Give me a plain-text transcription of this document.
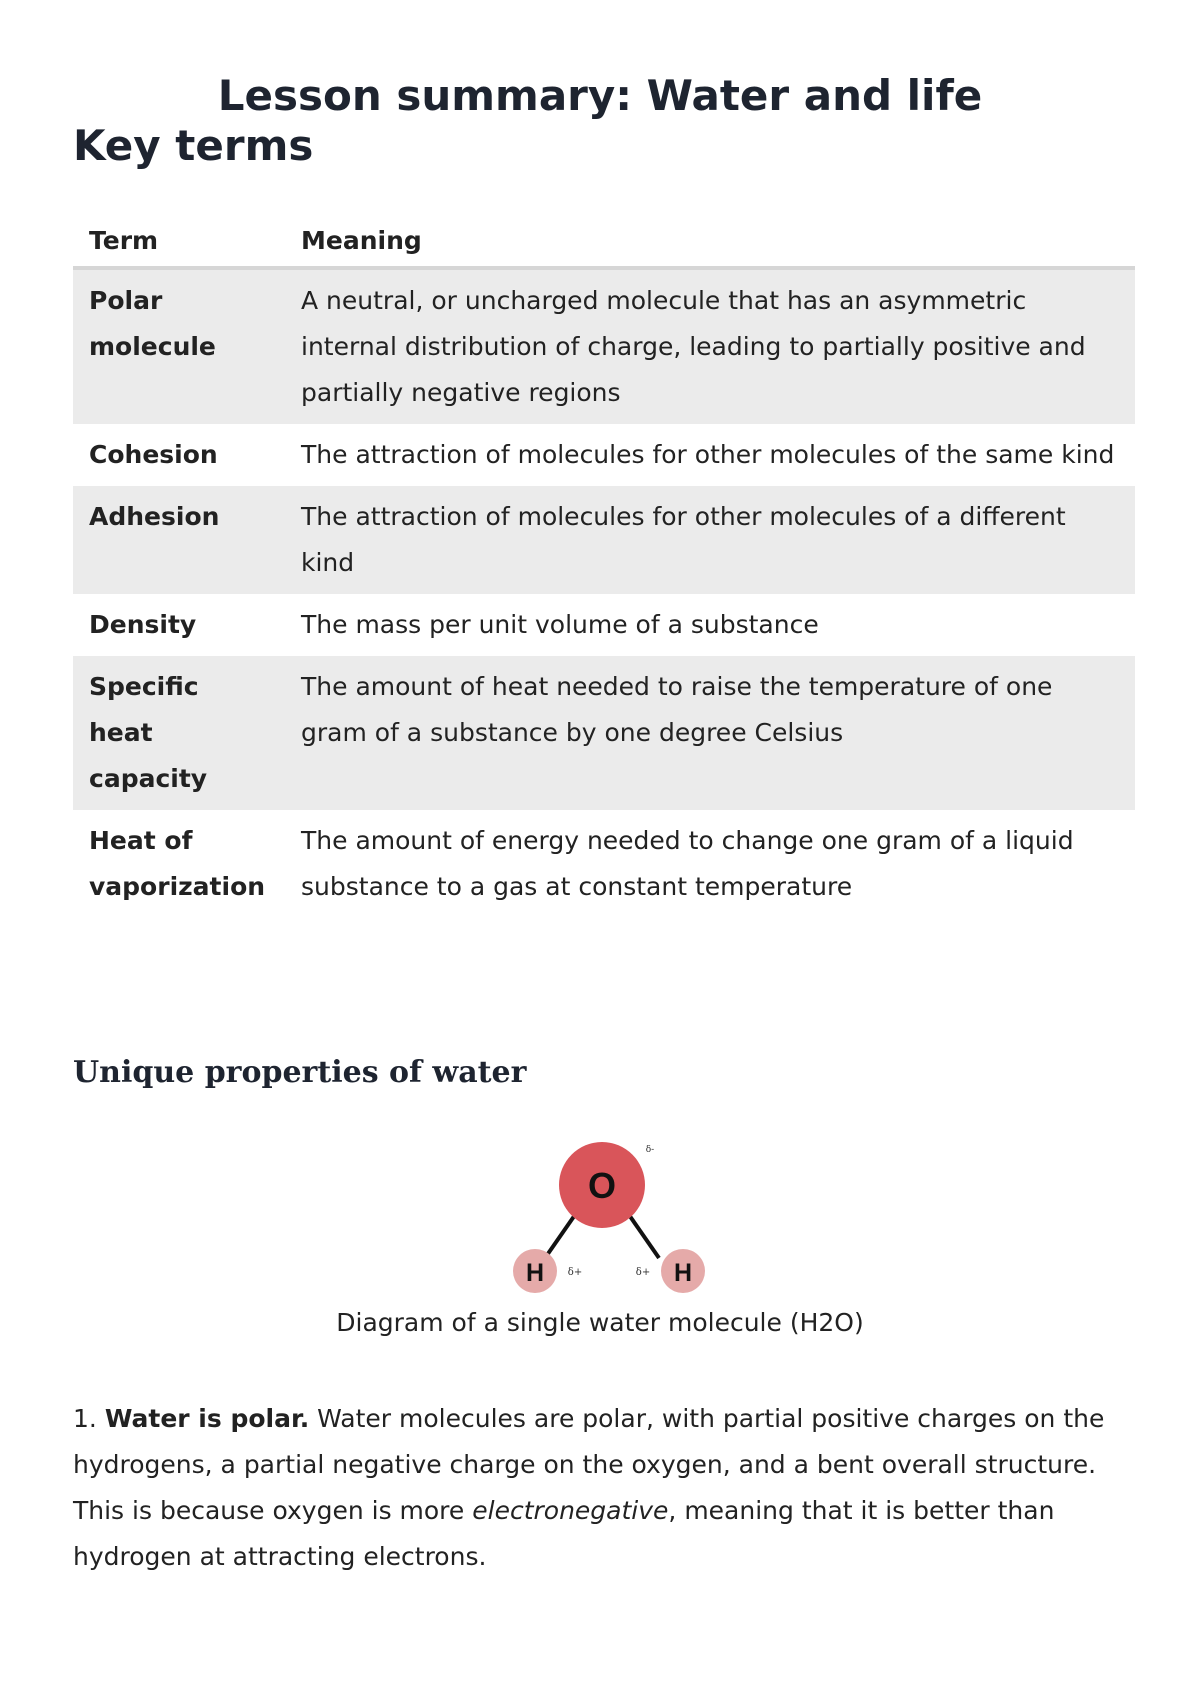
Lesson summary: Water and life
Key terms
Term	Meaning
Polar molecule	A neutral, or uncharged molecule that has an asymmetric internal distribution of charge, leading to partially positive and partially negative regions
Cohesion	The attraction of molecules for other molecules of the same kind
Adhesion	The attraction of molecules for other molecules of a different kind
Density	The mass per unit volume of a substance
Specific heat capacity	The amount of heat needed to raise the temperature of one gram of a substance by one degree Celsius
Heat of vaporization	The amount of energy needed to change one gram of a liquid substance to a gas at constant temperature
Unique properties of water
O
δ-
H	H
δ+	δ+

Diagram of a single water molecule (H2O)

1. Water is polar. Water molecules are polar, with partial positive charges on the hydrogens, a partial negative charge on the oxygen, and a bent overall structure. This is because oxygen is more electronegative, meaning that it is better than hydrogen at attracting electrons.
